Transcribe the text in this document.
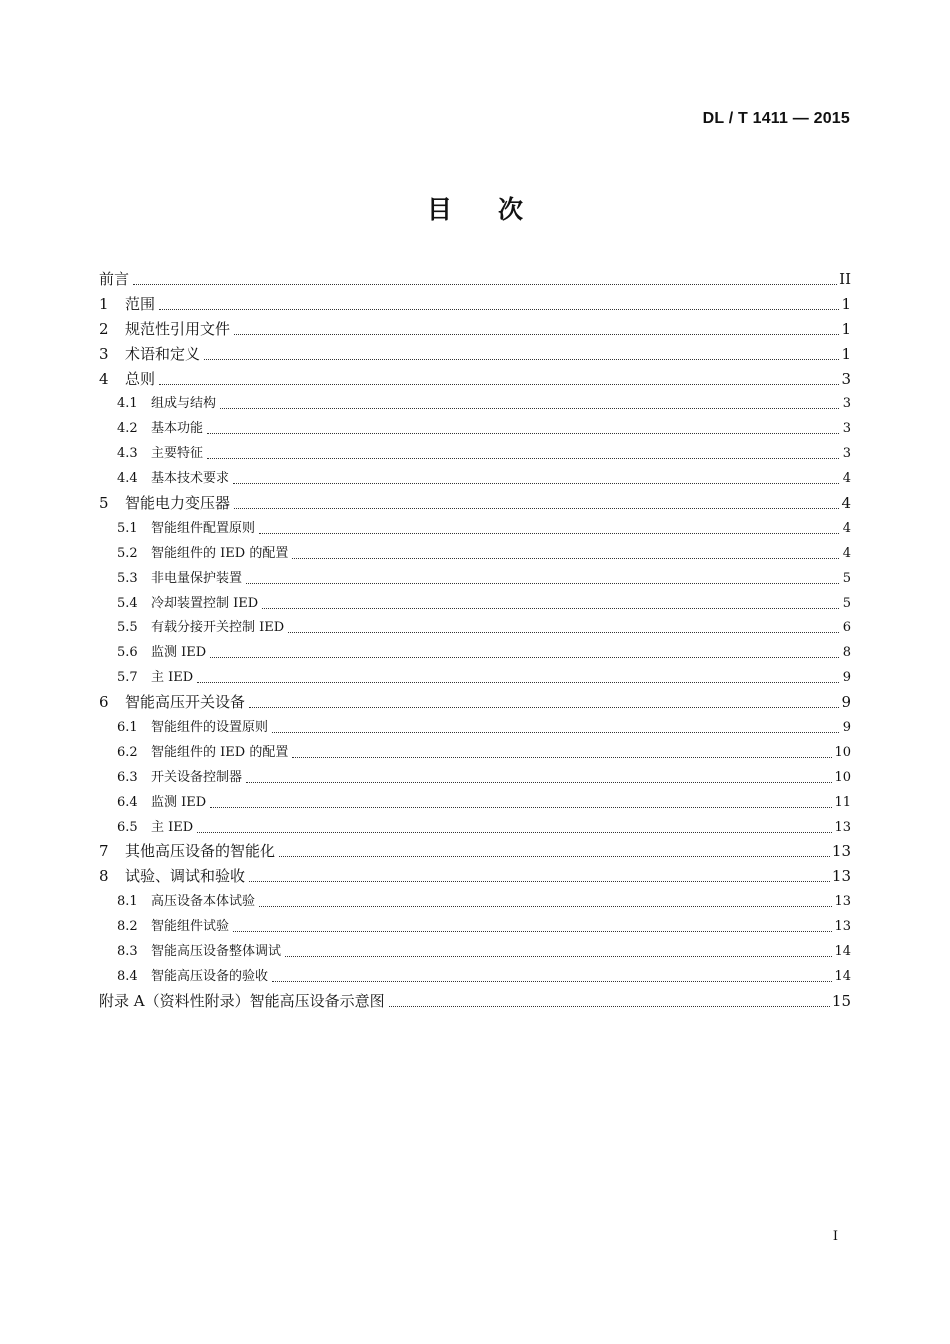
DL / T 1411 — 2015
目 次
前言	II
1	范围	1
2	规范性引用文件	1
3	术语和定义	1
4	总则	3
4.1	组成与结构	3
4.2	基本功能	3
4.3	主要特征	3
4.4	基本技术要求	4
5	智能电力变压器	4
5.1	智能组件配置原则	4
5.2	智能组件的 IED 的配置	4
5.3	非电量保护装置	5
5.4	冷却装置控制 IED	5
5.5	有载分接开关控制 IED	6
5.6	监测 IED	8
5.7	主 IED	9
6	智能高压开关设备	9
6.1	智能组件的设置原则	9
6.2	智能组件的 IED 的配置	10
6.3	开关设备控制器	10
6.4	监测 IED	11
6.5	主 IED	13
7	其他高压设备的智能化	13
8	试验、调试和验收	13
8.1	高压设备本体试验	13
8.2	智能组件试验	13
8.3	智能高压设备整体调试	14
8.4	智能高压设备的验收	14
附录 A（资料性附录）智能高压设备示意图	15
I
